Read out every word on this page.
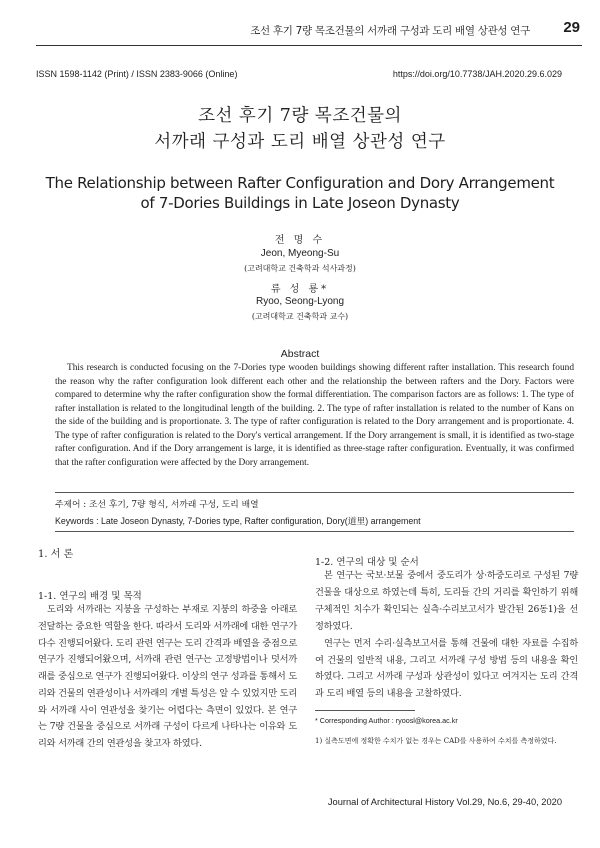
조선 후기 7량 목조건물의 서까래 구성과 도리 배열 상관성 연구 29
ISSN 1598-1142 (Print) / ISSN 2383-9066 (Online)	https://doi.org/10.7738/JAH.2020.29.6.029
조선 후기 7량 목조건물의
서까래 구성과 도리 배열 상관성 연구
The Relationship between Rafter Configuration and Dory Arrangement
of 7-Dories Buildings in Late Joseon Dynasty
전 명 수
Jeon, Myeong-Su
(고려대학교 건축학과 석사과정)
류 성 룡*
Ryoo, Seong-Lyong
(고려대학교 건축학과 교수)
Abstract
This research is conducted focusing on the 7-Dories type wooden buildings showing different rafter installation. This research found the reason why the rafter configuration look different each other and the relationship the between rafters and the Dory. Factors were compared to determine why the rafter configuration show the formal differentiation. The comparison factors are as follows: 1. The type of rafter installation is related to the longitudinal length of the building. 2. The type of rafter installation is related to the number of Kans on the side of the building and is proportionate. 3. The type of rafter configuration is related to the Dory arrangement and is proportionate. 4. The type of rafter configuration is related to the Dory's vertical arrangement. If the Dory arrangement is small, it is identified as two-stage rafter configuration. And if the Dory arrangement is large, it is identified as three-stage rafter configuration. Eventually, it was confirmed that the rafter configuration were affected by the Dory arrangement.
주제어 : 조선 후기, 7량 형식, 서까래 구성, 도리 배열
Keywords : Late Joseon Dynasty, 7-Dories type, Rafter configuration, Dory(道里) arrangement
1. 서 론
1-1. 연구의 배경 및 목적
도리와 서까래는 지붕을 구성하는 부재로 지붕의 하중을 아래로 전달하는 중요한 역할을 한다. 따라서 도리와 서까래에 대한 연구가 다수 진행되어왔다. 도리 관련 연구는 도리 간격과 배열을 중점으로 연구가 진행되어왔으며, 서까래 관련 연구는 고정방법이나 덧서까래를 중심으로 연구가 진행되어왔다. 이상의 연구 성과를 통해서 도리와 건물의 연관성이나 서까래의 개별 특성은 알 수 있었지만 도리와 서까래 사이 연관성을 찾기는 어렵다는 측면이 있었다. 본 연구는 7량 건물을 중심으로 서까래 구성이 다르게 나타나는 이유와 도리와 서까래 간의 연관성을 찾고자 하였다.
1-2. 연구의 대상 및 순서

본 연구는 국보·보물 중에서 중도리가 상·하중도리로 구성된 7량 건물을 대상으로 하였는데 특히, 도리들 간의 거리를 확인하기 위해 구체적인 치수가 확인되는 실측·수리보고서가 발간된 26동1)을 선정하였다.

연구는 먼저 수리·실측보고서를 통해 건물에 대한 자료를 수집하여 건물의 일반적 내용, 그리고 서까래 구성 방법 등의 내용을 확인하였다. 그리고 서까래 구성과 상관성이 있다고 여겨지는 도리 간격과 도리 배열 등의 내용을 고찰하였다.

* Corresponding Author : ryoosl@korea.ac.kr
1) 실측도면에 정확한 수치가 없는 경우는 CAD를 사용하여 수치를 측정하였다.
Journal of Architectural History Vol.29, No.6, 29-40, 2020
